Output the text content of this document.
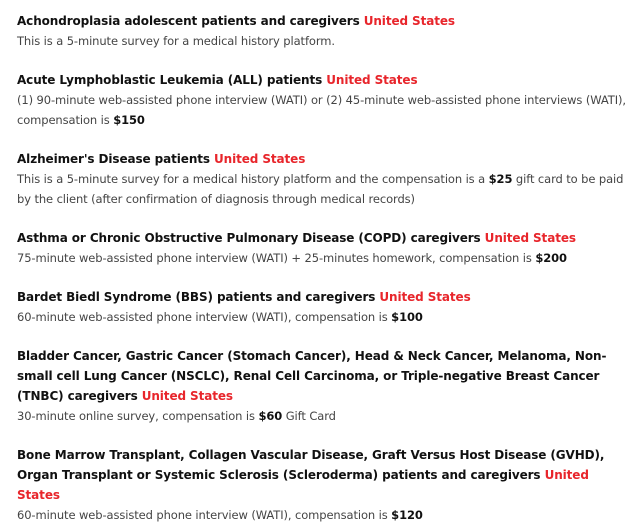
Achondroplasia adolescent patients and caregivers United States
This is a 5-minute survey for a medical history platform.
Acute Lymphoblastic Leukemia (ALL) patients United States
(1) 90-minute web-assisted phone interview (WATI) or (2) 45-minute web-assisted phone interviews (WATI), compensation is $150
Alzheimer's Disease patients United States
This is a 5-minute survey for a medical history platform and the compensation is a $25 gift card to be paid by the client (after confirmation of diagnosis through medical records)
Asthma or Chronic Obstructive Pulmonary Disease (COPD) caregivers United States
75-minute web-assisted phone interview (WATI) + 25-minutes homework, compensation is $200
Bardet Biedl Syndrome (BBS) patients and caregivers United States
60-minute web-assisted phone interview (WATI), compensation is $100
Bladder Cancer, Gastric Cancer (Stomach Cancer), Head & Neck Cancer, Melanoma, Non-small cell Lung Cancer (NSCLC), Renal Cell Carcinoma, or Triple-negative Breast Cancer (TNBC) caregivers United States
30-minute online survey, compensation is $60 Gift Card
Bone Marrow Transplant, Collagen Vascular Disease, Graft Versus Host Disease (GVHD), Organ Transplant or Systemic Sclerosis (Scleroderma) patients and caregivers United States
60-minute web-assisted phone interview (WATI), compensation is $120
